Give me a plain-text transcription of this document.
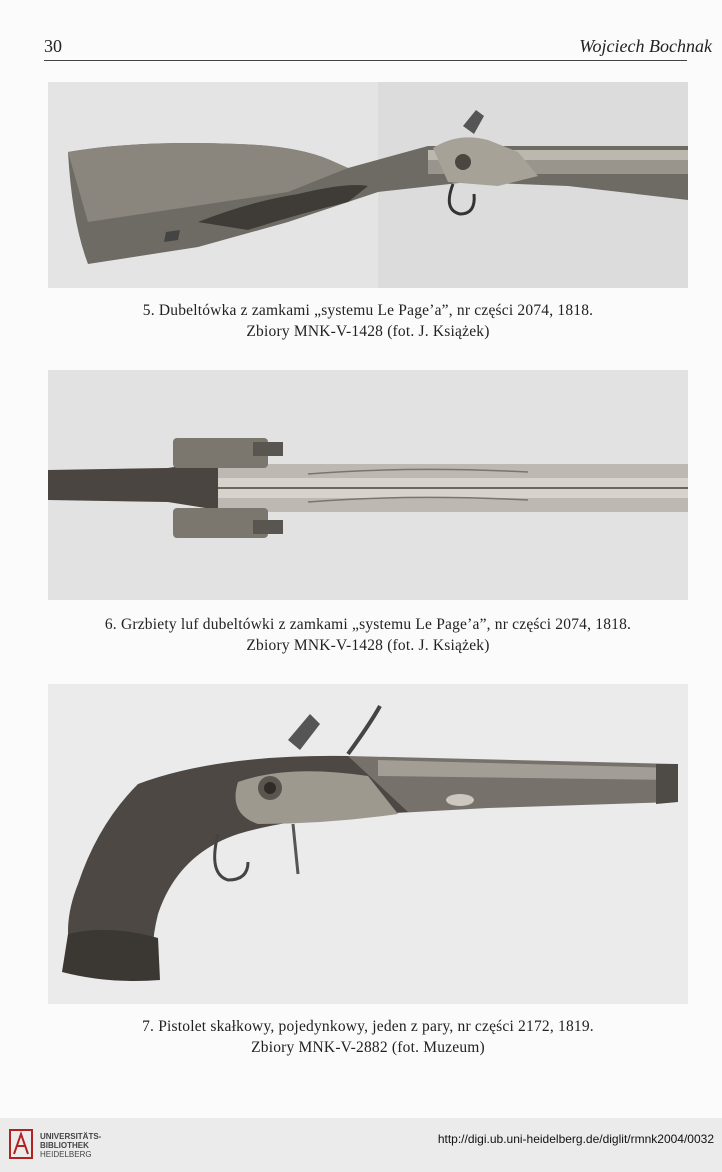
30	Wojciech Bochnak
5. Dubeltówka z zamkami „systemu Le Page’a”, nr części 2074, 1818.
Zbiory MNK-V-1428 (fot. J. Książek)
6. Grzbiety luf dubeltówki z zamkami „systemu Le Page’a”, nr części 2074, 1818.
Zbiory MNK-V-1428 (fot. J. Książek)
7. Pistolet skałkowy, pojedynkowy, jeden z pary, nr części 2172, 1819.
Zbiory MNK-V-2882 (fot. Muzeum)
UNIVERSITÄTS-
BIBLIOTHEK
HEIDELBERG
http://digi.ub.uni-heidelberg.de/diglit/rmnk2004/0032
